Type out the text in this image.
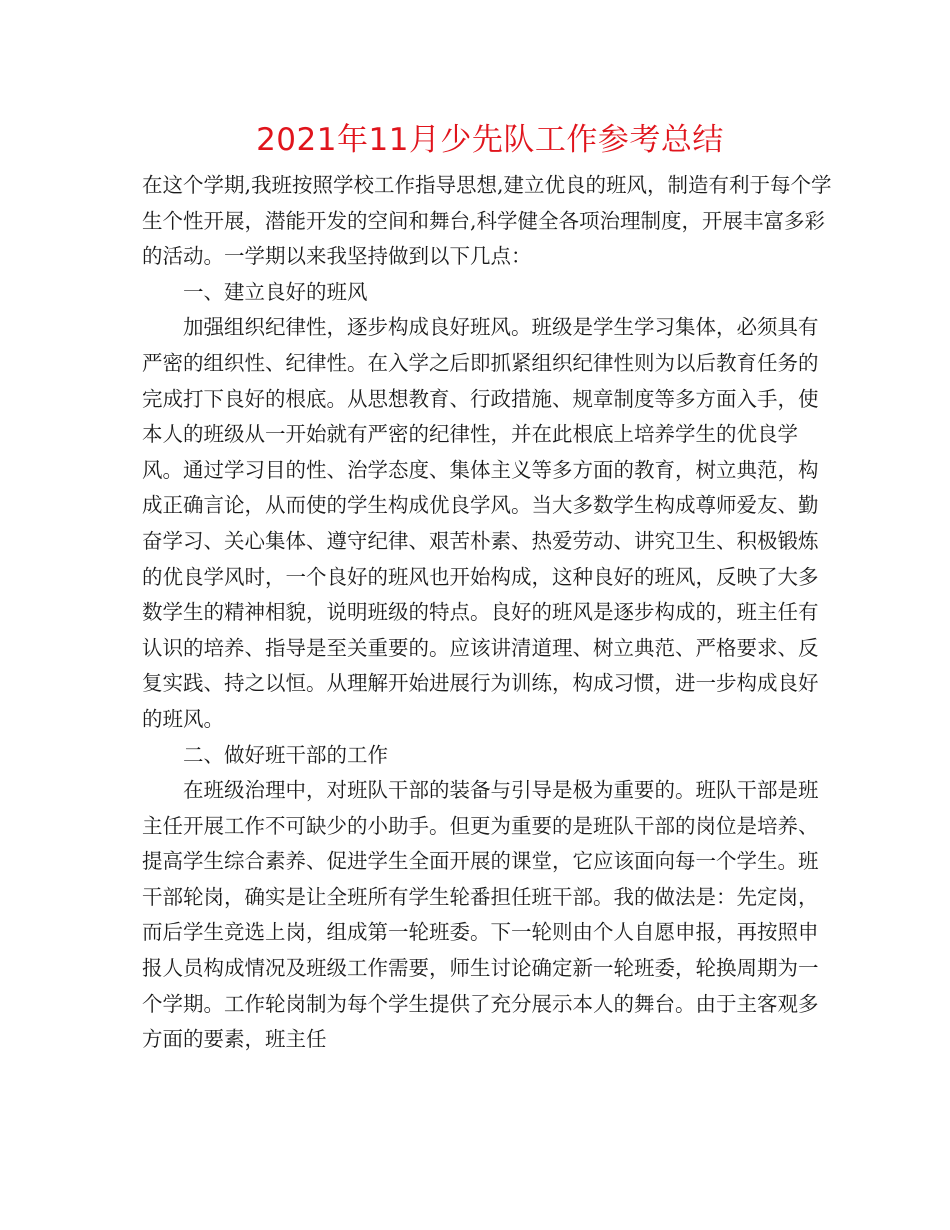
2021年11月少先队工作参考总结

在这个学期,我班按照学校工作指导思想,建立优良的班风，制造有利于每个学生个性开展，潜能开发的空间和舞台,科学健全各项治理制度，开展丰富多彩的活动。一学期以来我坚持做到以下几点：

一、建立良好的班风

加强组织纪律性，逐步构成良好班风。班级是学生学习集体，必须具有严密的组织性、纪律性。在入学之后即抓紧组织纪律性则为以后教育任务的完成打下良好的根底。从思想教育、行政措施、规章制度等多方面入手，使本人的班级从一开始就有严密的纪律性，并在此根底上培养学生的优良学风。通过学习目的性、治学态度、集体主义等多方面的教育，树立典范，构成正确言论，从而使的学生构成优良学风。当大多数学生构成尊师爱友、勤奋学习、关心集体、遵守纪律、艰苦朴素、热爱劳动、讲究卫生、积极锻炼的优良学风时，一个良好的班风也开始构成，这种良好的班风，反映了大多数学生的精神相貌，说明班级的特点。良好的班风是逐步构成的，班主任有认识的培养、指导是至关重要的。应该讲清道理、树立典范、严格要求、反复实践、持之以恒。从理解开始进展行为训练，构成习惯，进一步构成良好的班风。

二、做好班干部的工作

在班级治理中，对班队干部的装备与引导是极为重要的。班队干部是班主任开展工作不可缺少的小助手。但更为重要的是班队干部的岗位是培养、提高学生综合素养、促进学生全面开展的课堂，它应该面向每一个学生。班干部轮岗，确实是让全班所有学生轮番担任班干部。我的做法是：先定岗，而后学生竞选上岗，组成第一轮班委。下一轮则由个人自愿申报，再按照申报人员构成情况及班级工作需要，师生讨论确定新一轮班委，轮换周期为一个学期。工作轮岗制为每个学生提供了充分展示本人的舞台。由于主客观多方面的要素，班主任
